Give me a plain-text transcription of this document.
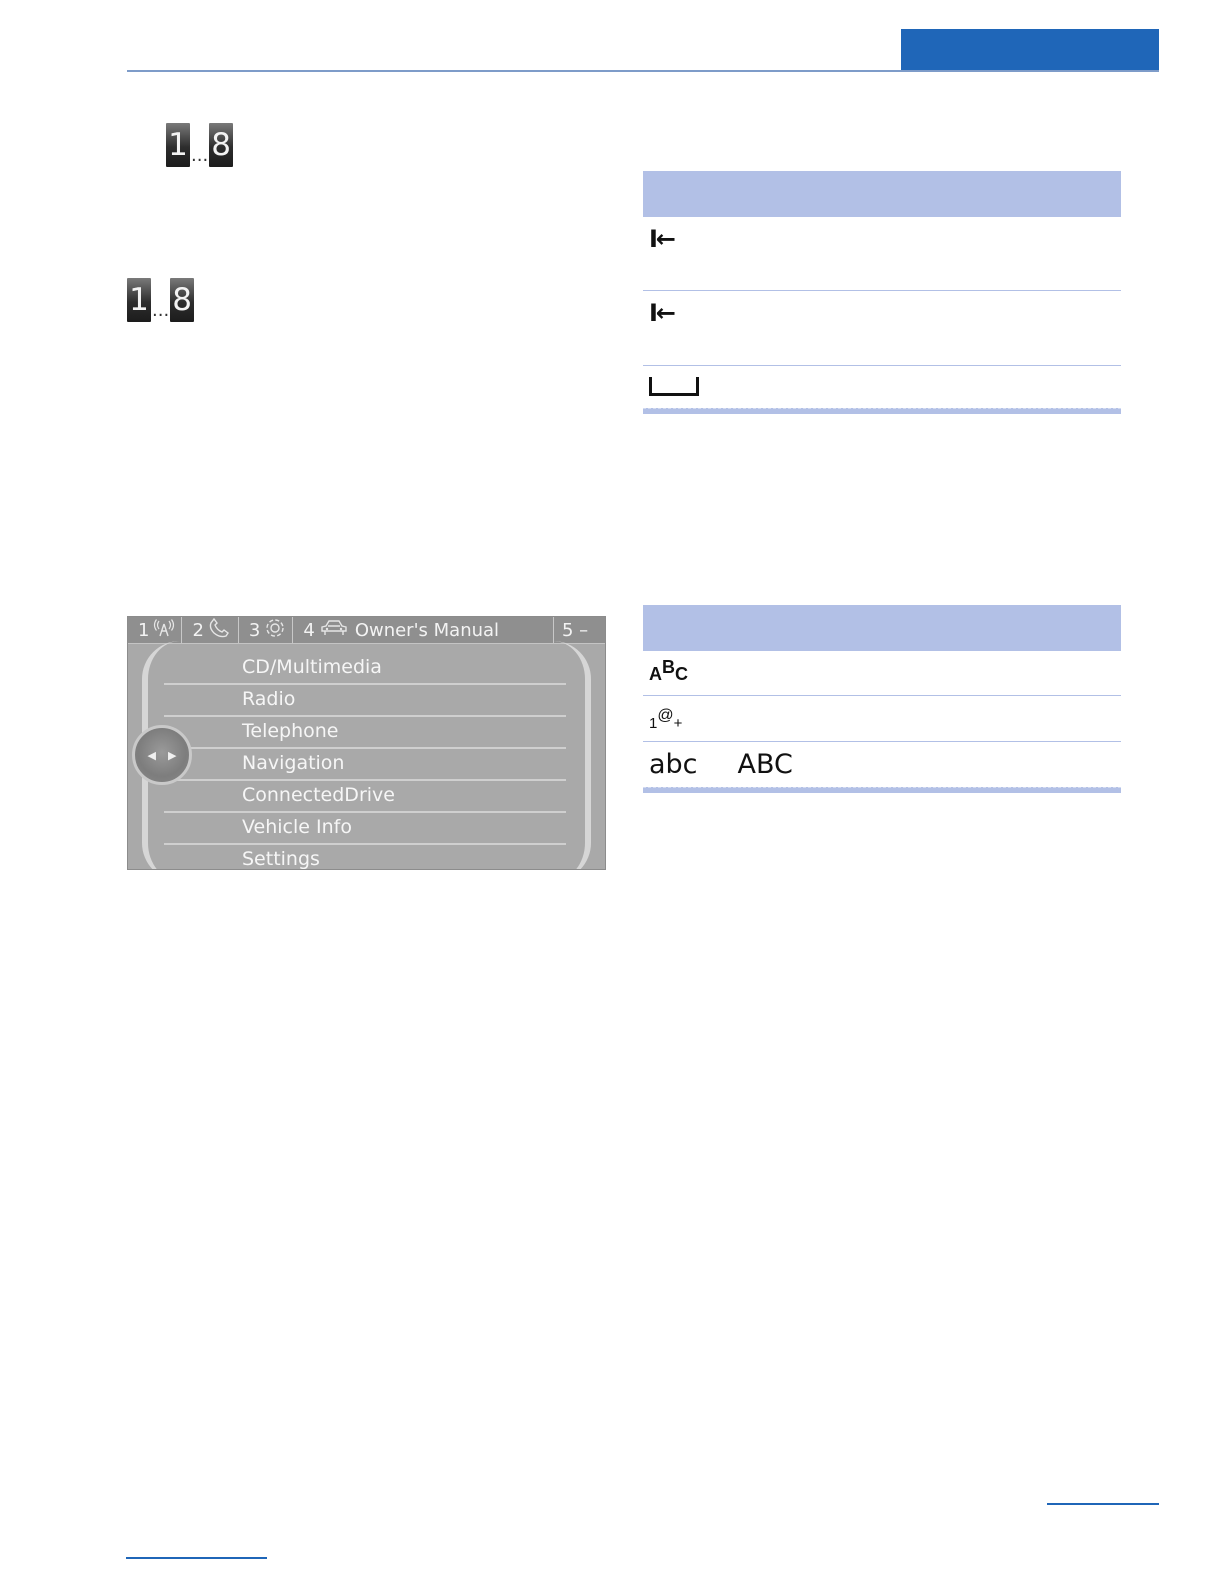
1 ... 8
1 ... 8
I←
I←
ABC
1@+
abc ABC
1 2	3 4 Owner's Manual	5 –
CD/Multimedia
Radio
Telephone
Navigation
ConnectedDrive
Vehicle Info
Settings
◀ ▶
